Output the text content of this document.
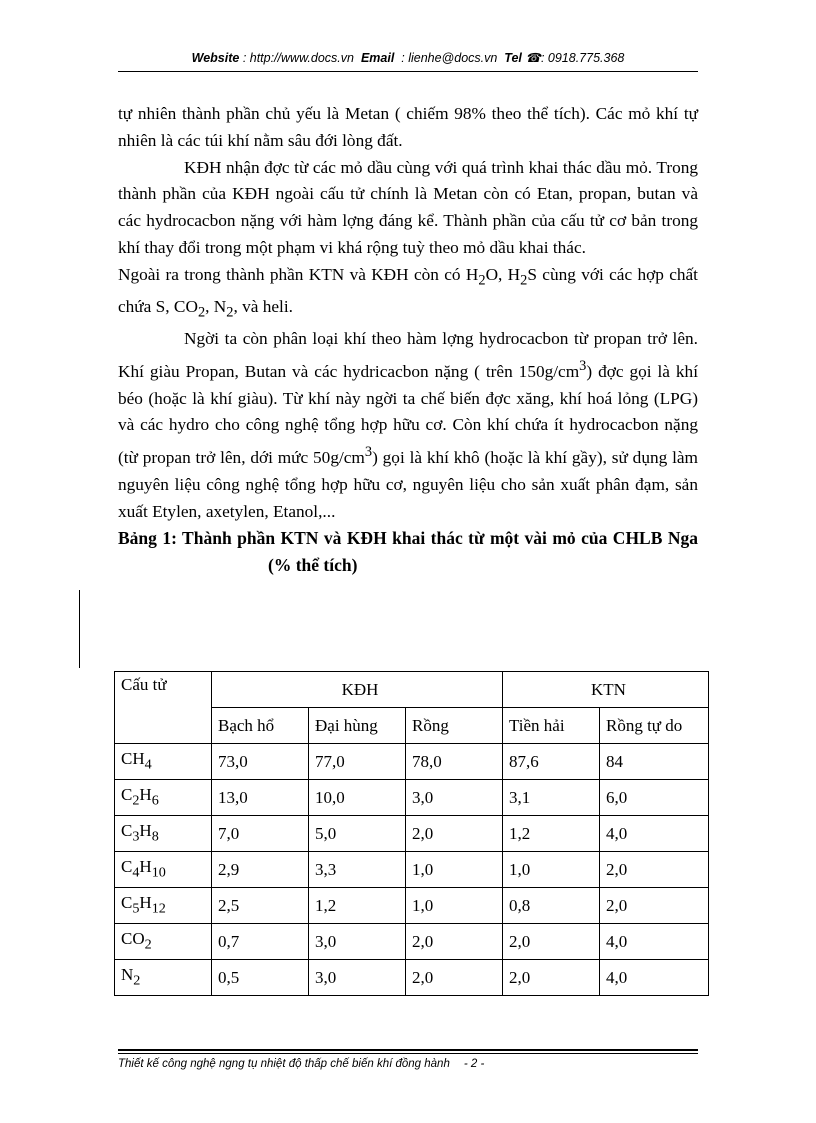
Website : http://www.docs.vn Email : lienhe@docs.vn Tel ☎: 0918.775.368

tự nhiên thành phần chủ yếu là Metan ( chiếm 98% theo thể tích). Các mỏ khí tự nhiên là các túi khí nằm sâu đới lòng đất.

KĐH nhận đợc từ các mỏ dầu cùng với quá trình khai thác dầu mỏ. Trong thành phần của KĐH ngoài cấu tử chính là Metan còn có Etan, propan, butan và các hydrocacbon nặng với hàm lợng đáng kể. Thành phần của cấu tử cơ bản trong khí thay đổi trong một phạm vi khá rộng tuỳ theo mỏ dầu khai thác.

Ngoài ra trong thành phần KTN và KĐH còn có $H_2O$, $H_2S$ cùng với các hợp chất chứa S, $CO_2$, $N_2$, và heli.

Ngời ta còn phân loại khí theo hàm lợng hydrocacbon từ propan trở lên. Khí giàu Propan, Butan và các hydricacbon nặng ( trên $150g/cm^3$) đợc gọi là khí béo (hoặc là khí giàu). Từ khí này ngời ta chế biến đợc xăng, khí hoá lỏng (LPG) và các hydro cho công nghệ tổng hợp hữu cơ. Còn khí chứa ít hydrocacbon nặng (từ propan trở lên, dới mức $50g/cm^3$) gọi là khí khô (hoặc là khí gầy), sử dụng làm nguyên liệu công nghệ tổng hợp hữu cơ, nguyên liệu cho sản xuất phân đạm, sản xuất Etylen, axetylen, Etanol,...

Bảng 1: Thành phần KTN và KĐH khai thác từ một vài mỏ của CHLB Nga(% thể tích)
Cấu tử	KĐH			KTN	
	Bạch hổ	Đại hùng	Rồng	Tiền hải	Rồng tự do
$CH_4$	73,0	77,0	78,0	87,6	84
$C_2H_6$	13,0	10,0	3,0	3,1	6,0
$C_3H_8$	7,0	5,0	2,0	1,2	4,0
$C_4H_{10}$	2,9	3,3	1,0	1,0	2,0
$C_5H_{12}$	2,5	1,2	1,0	0,8	2,0
$CO_2$	0,7	3,0	2,0	2,0	4,0
$N_2$	0,5	3,0	2,0	2,0	4,0
Thiết kế công nghệ ngng tụ nhiệt độ thấp chế biến khí đồng hành - 2 -
